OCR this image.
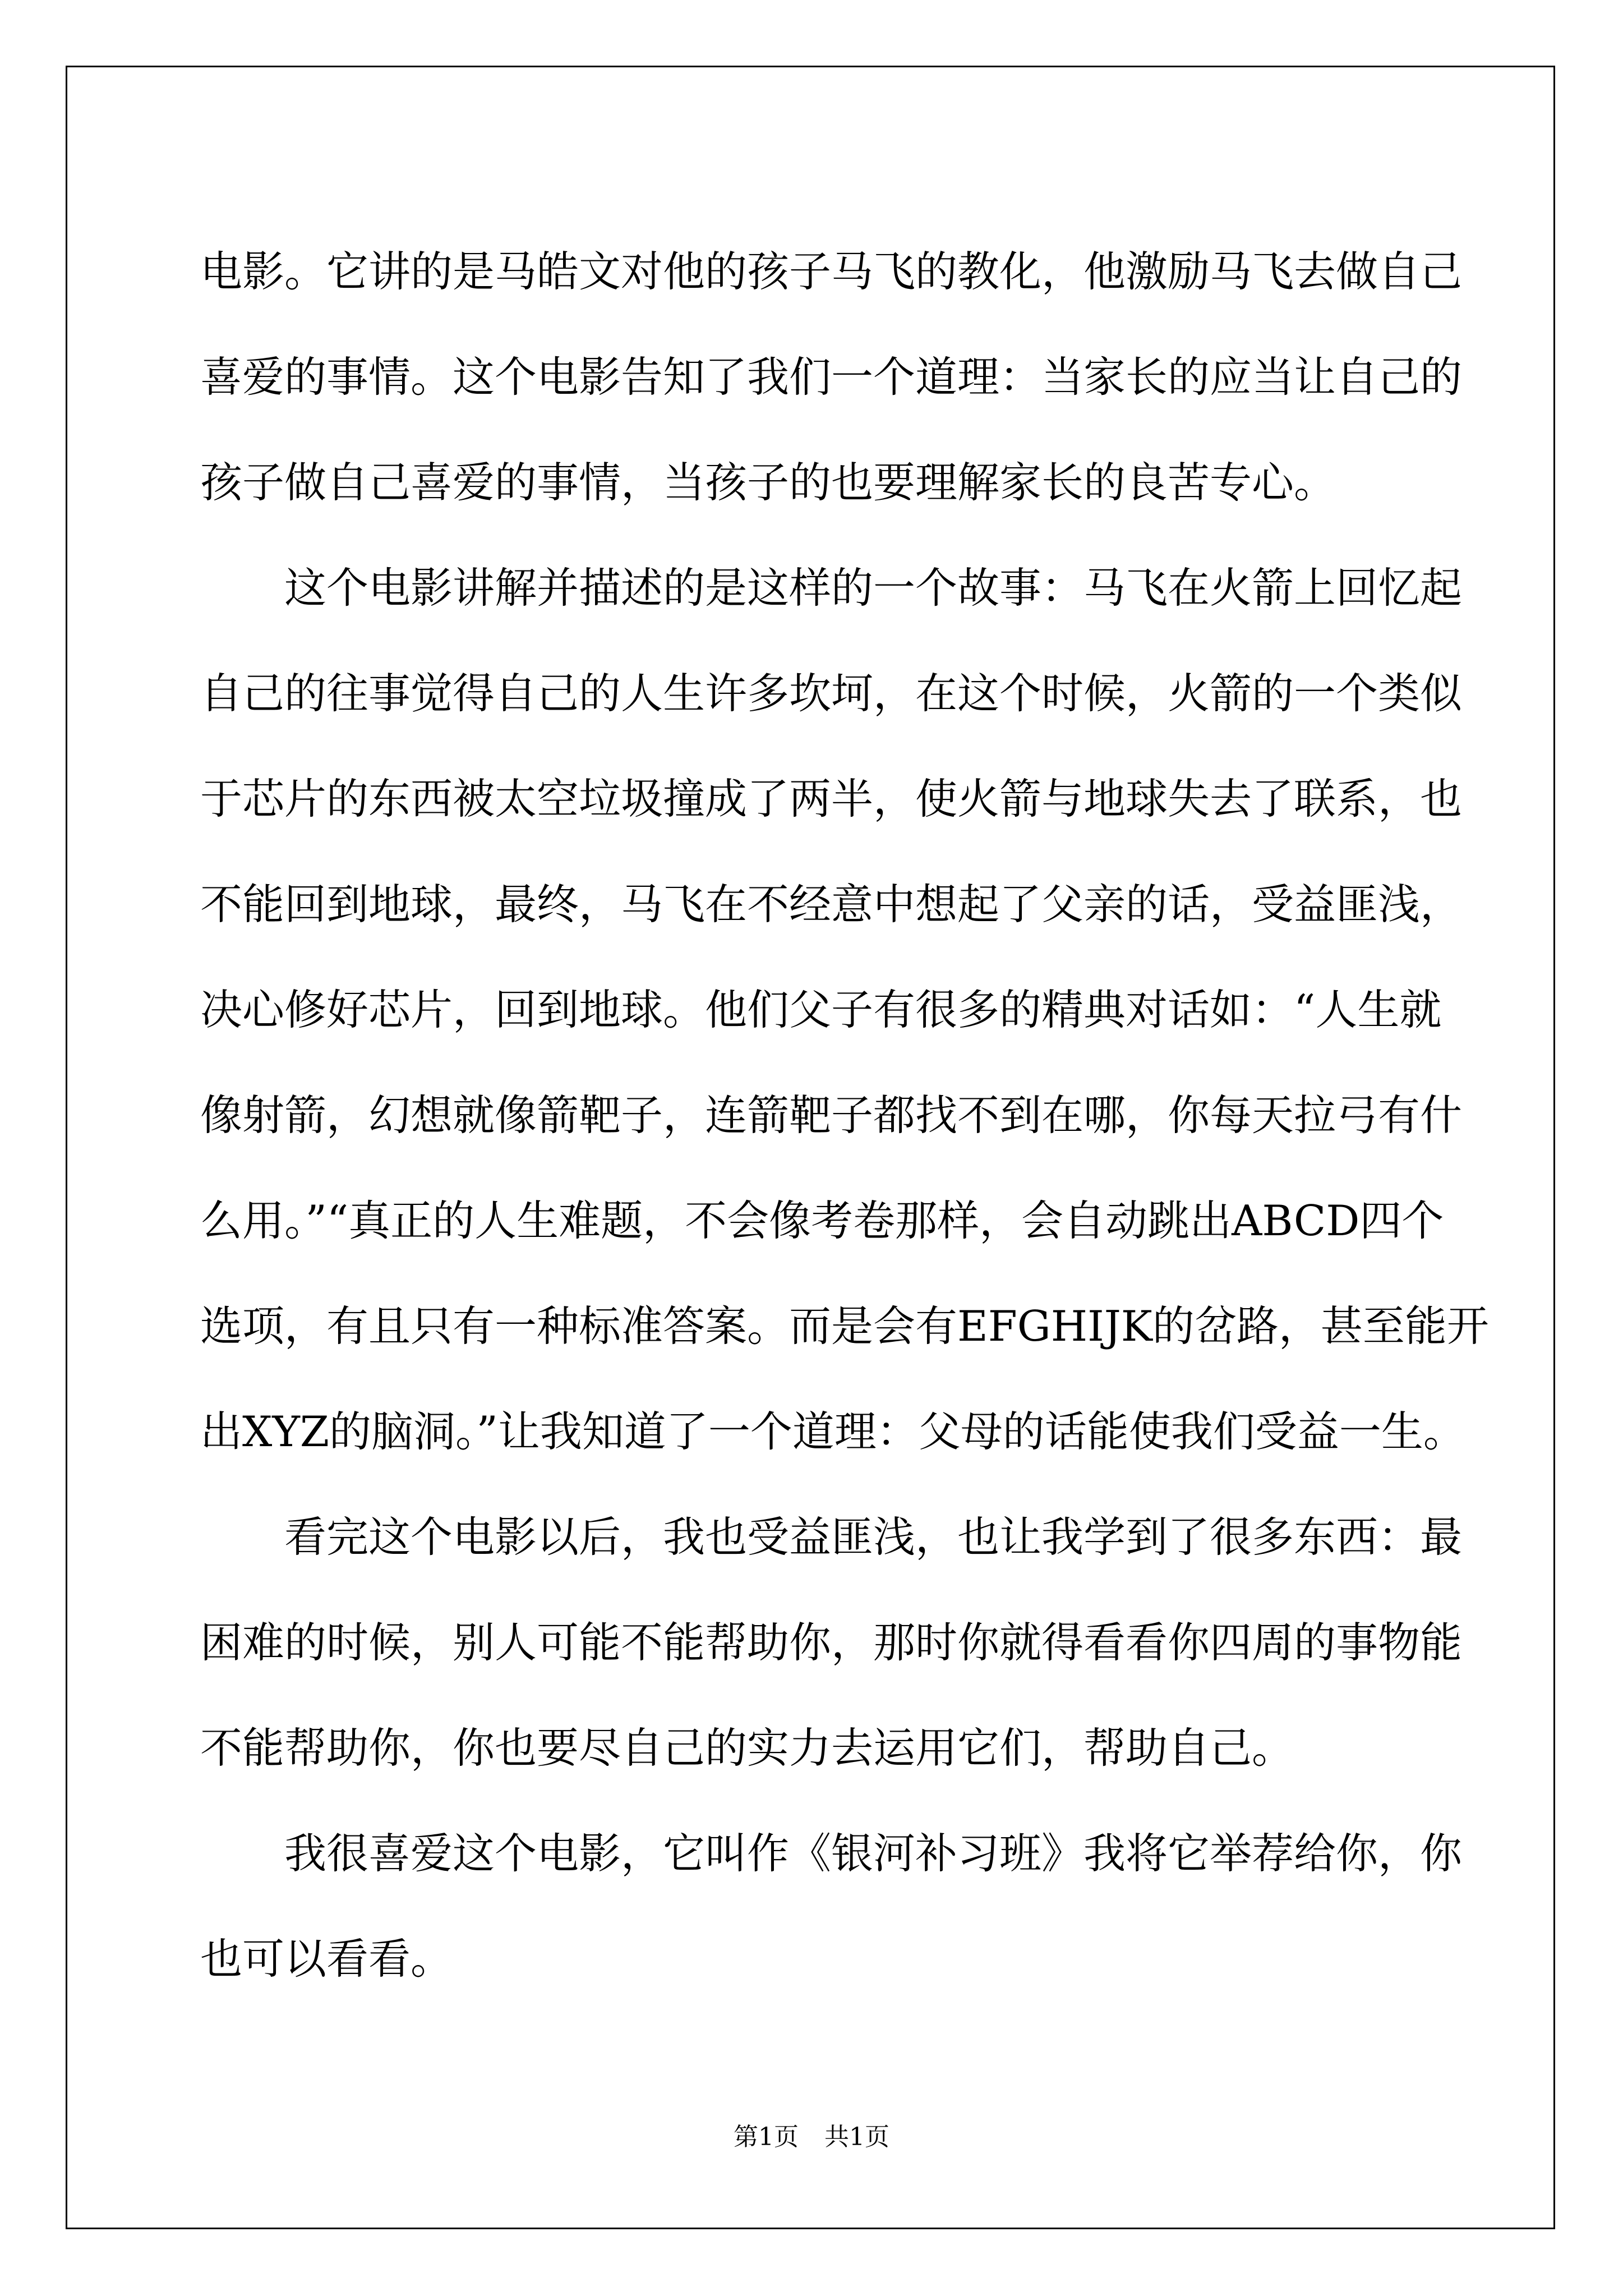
电影。它讲的是马皓文对他的孩子马飞的教化，他激励马飞去做自己
喜爱的事情。这个电影告知了我们一个道理：当家长的应当让自己的
孩子做自己喜爱的事情，当孩子的也要理解家长的良苦专心。
这个电影讲解并描述的是这样的一个故事：马飞在火箭上回忆起
自己的往事觉得自己的人生许多坎坷，在这个时候，火箭的一个类似
于芯片的东西被太空垃圾撞成了两半，使火箭与地球失去了联系，也
不能回到地球，最终，马飞在不经意中想起了父亲的话，受益匪浅，
决心修好芯片，回到地球。他们父子有很多的精典对话如：“人生就
像射箭，幻想就像箭靶子，连箭靶子都找不到在哪，你每天拉弓有什
么用。”“真正的人生难题，不会像考卷那样，会自动跳出ABCD四个
选项，有且只有一种标准答案。而是会有EFGHIJK的岔路，甚至能开
出XYZ的脑洞。”让我知道了一个道理：父母的话能使我们受益一生。
看完这个电影以后，我也受益匪浅，也让我学到了很多东西：最
困难的时候，别人可能不能帮助你，那时你就得看看你四周的事物能
不能帮助你，你也要尽自己的实力去运用它们，帮助自己。
我很喜爱这个电影，它叫作《银河补习班》我将它举荐给你，你
也可以看看。
第1页 共1页
